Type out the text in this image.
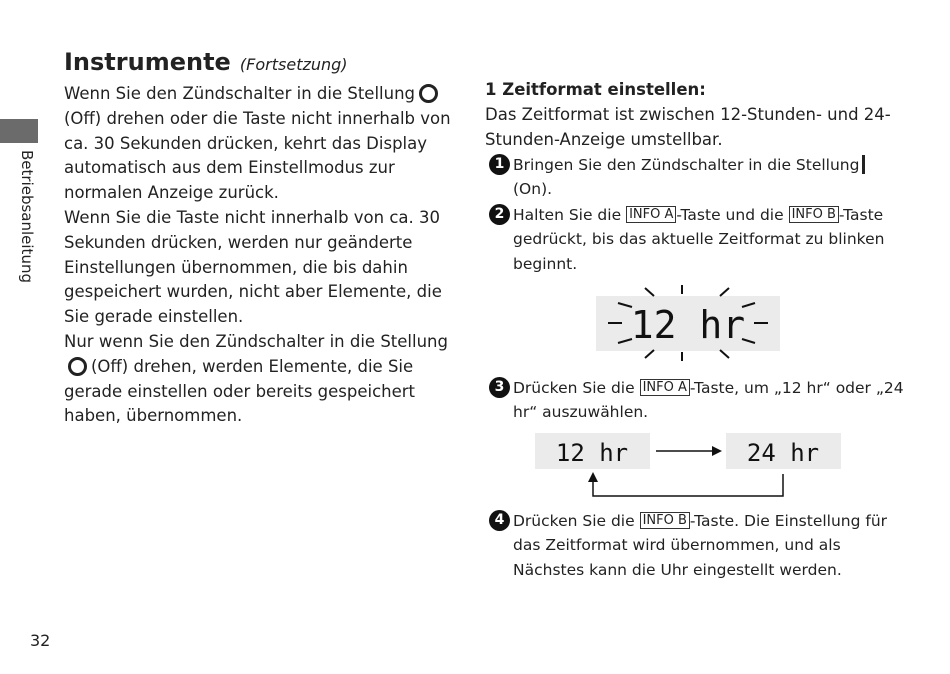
Betriebsanleitung
Instrumente (Fortsetzung)

Wenn Sie den Zündschalter in die Stellung(Off) drehen oder die Taste nicht innerhalb von ca. 30 Sekunden drücken, kehrt das Display automatisch aus dem Einstellmodus zur normalen Anzeige zurück.

Wenn Sie die Taste nicht innerhalb von ca. 30 Sekunden drücken, werden nur geänderte Einstellungen übernommen, die bis dahin gespeichert wurden, nicht aber Elemente, die Sie gerade einstellen.

Nur wenn Sie den Zündschalter in die Stellung(Off) drehen, werden Elemente, die Sie gerade einstellen oder bereits gespeichert haben, übernommen.

1 Zeitformat einstellen:

Das Zeitformat ist zwischen 12-Stunden- und 24-Stunden-Anzeige umstellbar.

1 Bringen Sie den Zündschalter in die Stellung(On).
2 Halten Sie die INFO A -Taste und die INFO B -Taste gedrückt, bis das aktuelle Zeitformat zu blinken beginnt.
12 hr
3 Drücken Sie die INFO A -Taste, um „12 hr“ oder „24 hr“ auszuwählen.
12 hr	24 hr
4 Drücken Sie die INFO B -Taste. Die Einstellung für das Zeitformat wird übernommen, und als Nächstes kann die Uhr eingestellt werden.
32
